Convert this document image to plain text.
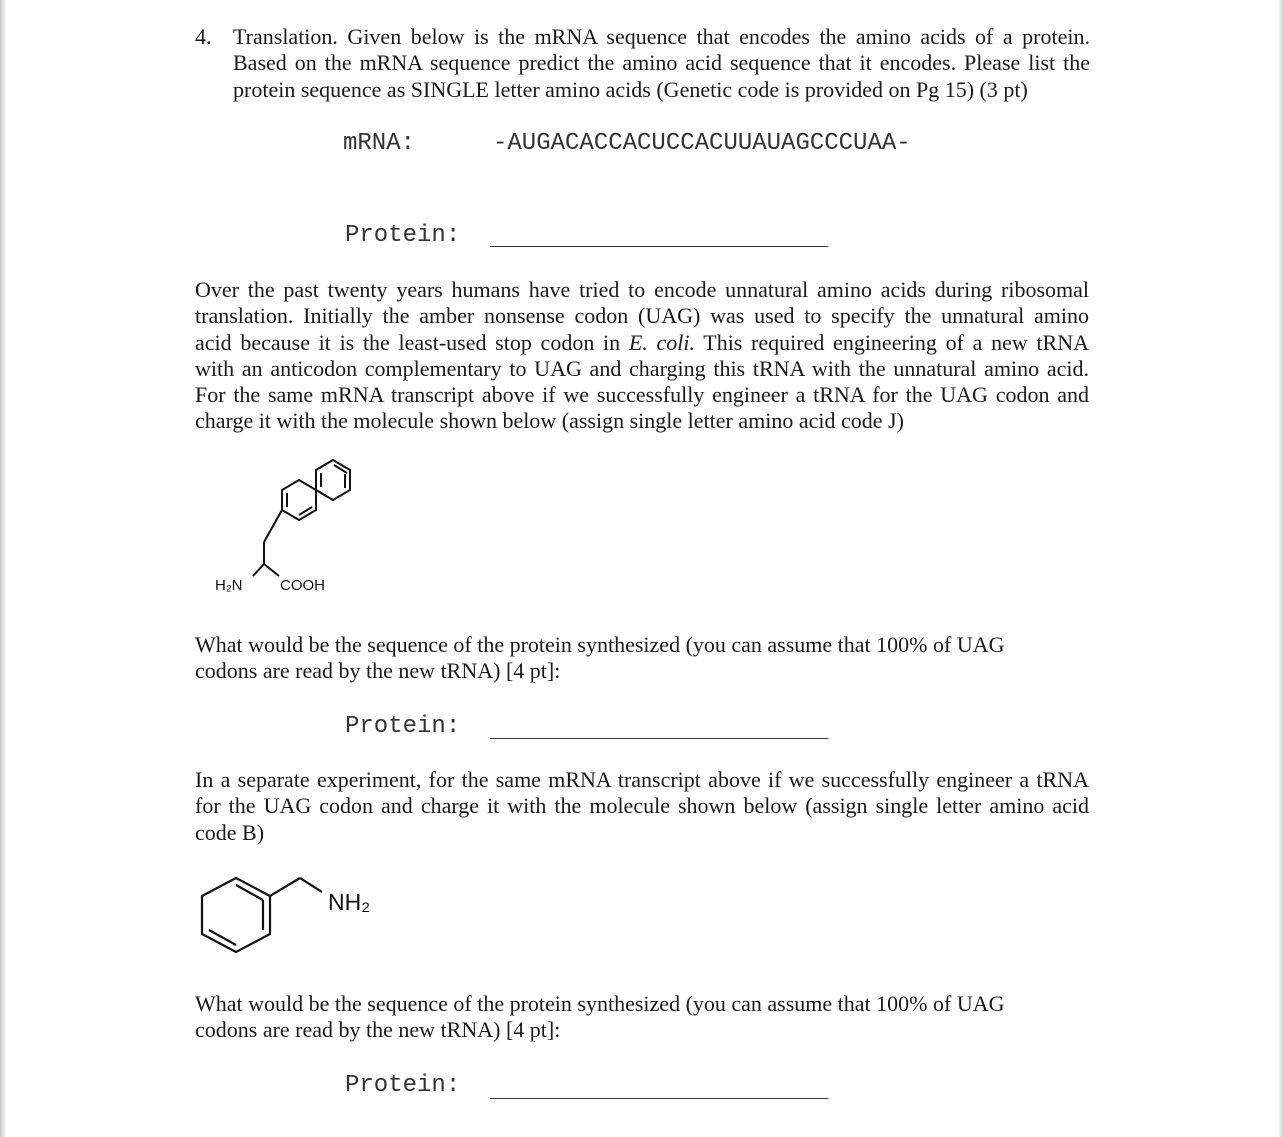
4. Translation. Given below is the mRNA sequence that encodes the amino acids of a protein.
Based on the mRNA sequence predict the amino acid sequence that it encodes. Please list the
protein sequence as SINGLE letter amino acids (Genetic code is provided on Pg 15) (3 pt)
mRNA:	-AUGACACCACUCCACUUAUAGCCCUAA-
Protein:
Over the past twenty years humans have tried to encode unnatural amino acids during ribosomal
translation. Initially the amber nonsense codon (UAG) was used to specify the unnatural amino
acid because it is the least-used stop codon in E. coli. This required engineering of a new tRNA
with an anticodon complementary to UAG and charging this tRNA with the unnatural amino acid.
For the same mRNA transcript above if we successfully engineer a tRNA for the UAG codon and
charge it with the molecule shown below (assign single letter amino acid code J)
H₂N	COOH
What would be the sequence of the protein synthesized (you can assume that 100% of UAG
codons are read by the new tRNA) [4 pt]:
Protein:
In a separate experiment, for the same mRNA transcript above if we successfully engineer a tRNA
for the UAG codon and charge it with the molecule shown below (assign single letter amino acid
code B)
NH₂
What would be the sequence of the protein synthesized (you can assume that 100% of UAG
codons are read by the new tRNA) [4 pt]:
Protein:
